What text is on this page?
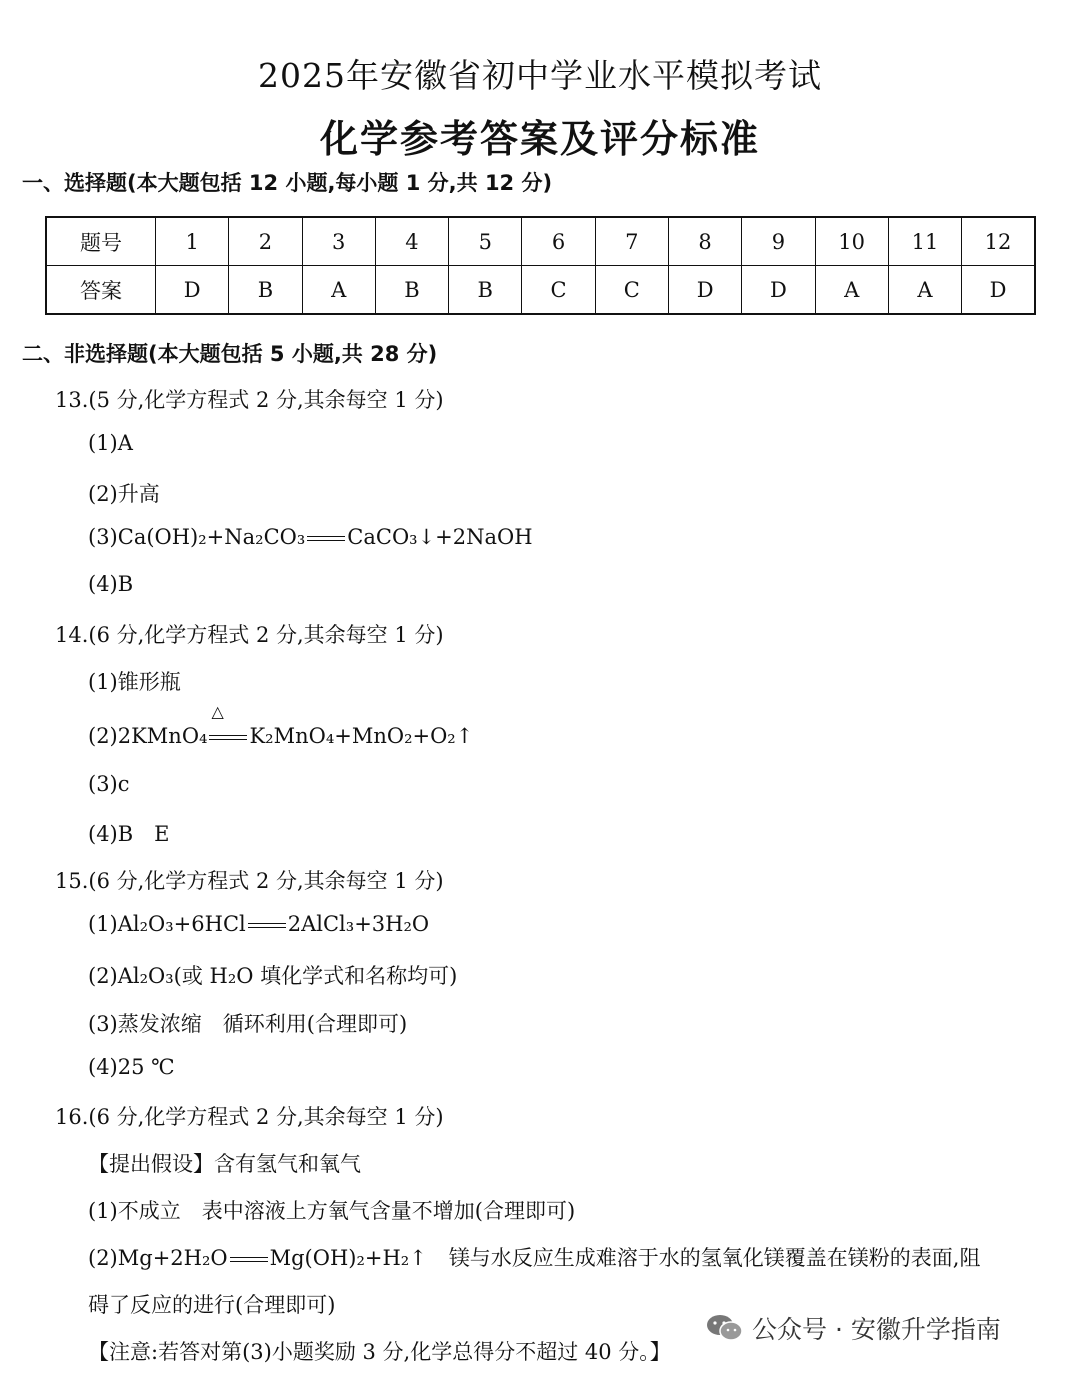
2025年安徽省初中学业水平模拟考试
化学参考答案及评分标准
一、选择题(本大题包括 12 小题,每小题 1 分,共 12 分)
题号	1	2	3	4	5	6	7	8	9	10	11	12
答案	D	B	A	B	B	C	C	D	D	A	A	D
二、非选择题(本大题包括 5 小题,共 28 分)
13.(5 分,化学方程式 2 分,其余每空 1 分)
(1)A
(2)升高
(3)Ca(OH)₂+Na₂CO₃ CaCO₃↓+2NaOH
(4)B
14.(6 分,化学方程式 2 分,其余每空 1 分)
(1)锥形瓶
(2)2KMnO₄
△
K₂MnO₄+MnO₂+O₂↑
(3)c
(4)B　E
15.(6 分,化学方程式 2 分,其余每空 1 分)
(1)Al₂O₃+6HCl 2AlCl₃+3H₂O
(2)Al₂O₃(或 H₂O 填化学式和名称均可)
(3)蒸发浓缩　循环利用(合理即可)
(4)25 ℃
16.(6 分,化学方程式 2 分,其余每空 1 分)
【提出假设】含有氢气和氧气
(1)不成立　表中溶液上方氧气含量不增加(合理即可)
(2)Mg+2H₂O Mg(OH)₂+H₂↑ 镁与水反应生成难溶于水的氢氧化镁覆盖在镁粉的表面,阻
碍了反应的进行(合理即可)
【注意:若答对第(3)小题奖励 3 分,化学总得分不超过 40 分。】
公众号 · 安徽升学指南
